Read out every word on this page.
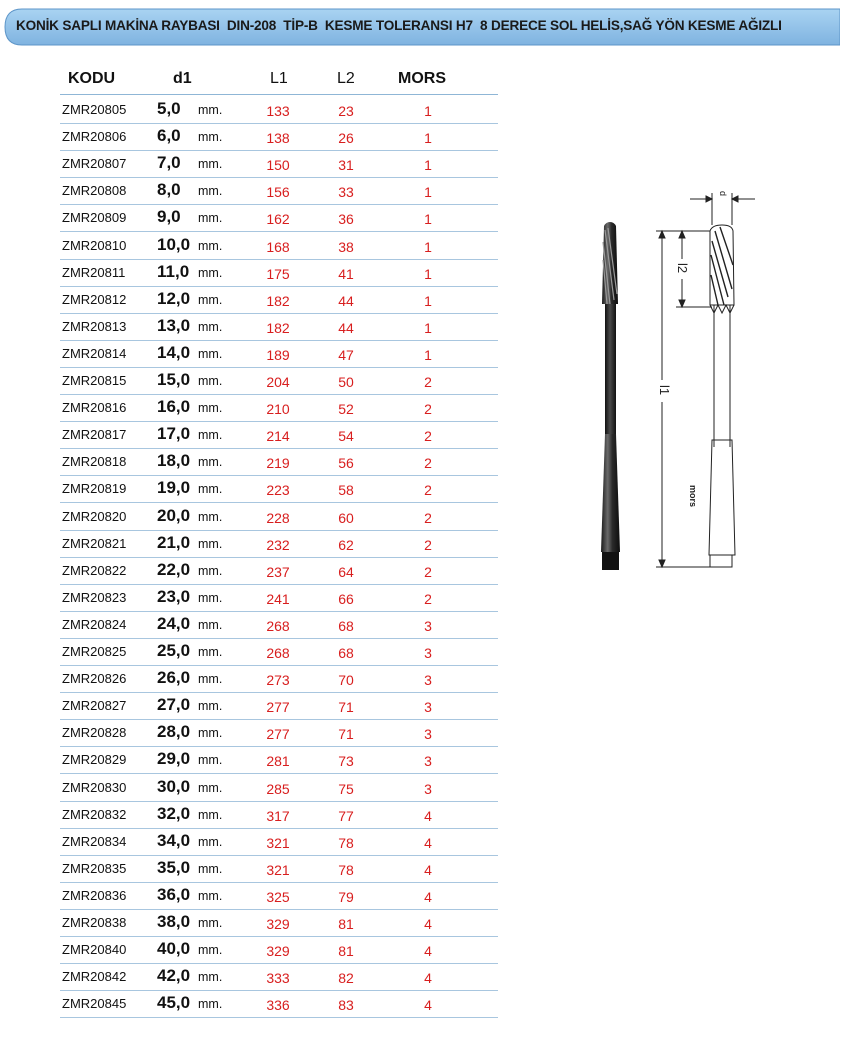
KONİK SAPLI MAKİNA RAYBASI  DIN-208  TİP-B  KESME TOLERANSI H7  8 DERECE SOL HELİS,SAĞ YÖN KESME AĞIZLI
KODU	d1	L1	L2	MORS
ZMR20805 5,0 mm.	133	23	1
ZMR20806 6,0 mm.	138	26	1
ZMR20807 7,0 mm.	150	31	1
ZMR20808 8,0 mm.	156	33	1
ZMR20809 9,0 mm.	162	36	1
ZMR20810 10,0 mm.	168	38	1
ZMR20811 11,0 mm.	175	41	1
ZMR20812 12,0 mm.	182	44	1
ZMR20813 13,0 mm.	182	44	1
ZMR20814 14,0 mm.	189	47	1
ZMR20815 15,0 mm.	204	50	2
ZMR20816 16,0 mm.	210	52	2
ZMR20817 17,0 mm.	214	54	2
ZMR20818 18,0 mm.	219	56	2
ZMR20819 19,0 mm.	223	58	2
ZMR20820 20,0 mm.	228	60	2
ZMR20821 21,0 mm.	232	62	2
ZMR20822 22,0 mm.	237	64	2
ZMR20823 23,0 mm.	241	66	2
ZMR20824 24,0 mm.	268	68	3
ZMR20825 25,0 mm.	268	68	3
ZMR20826 26,0 mm.	273	70	3
ZMR20827 27,0 mm.	277	71	3
ZMR20828 28,0 mm.	277	71	3
ZMR20829 29,0 mm.	281	73	3
ZMR20830 30,0 mm.	285	75	3
ZMR20832 32,0 mm.	317	77	4
ZMR20834 34,0 mm.	321	78	4
ZMR20835 35,0 mm.	321	78	4
ZMR20836 36,0 mm.	325	79	4
ZMR20838 38,0 mm.	329	81	4
ZMR20840 40,0 mm.	329	81	4
ZMR20842 42,0 mm.	333	82	4
ZMR20845 45,0 mm.	336	83	4
l1
l2
d
mors
